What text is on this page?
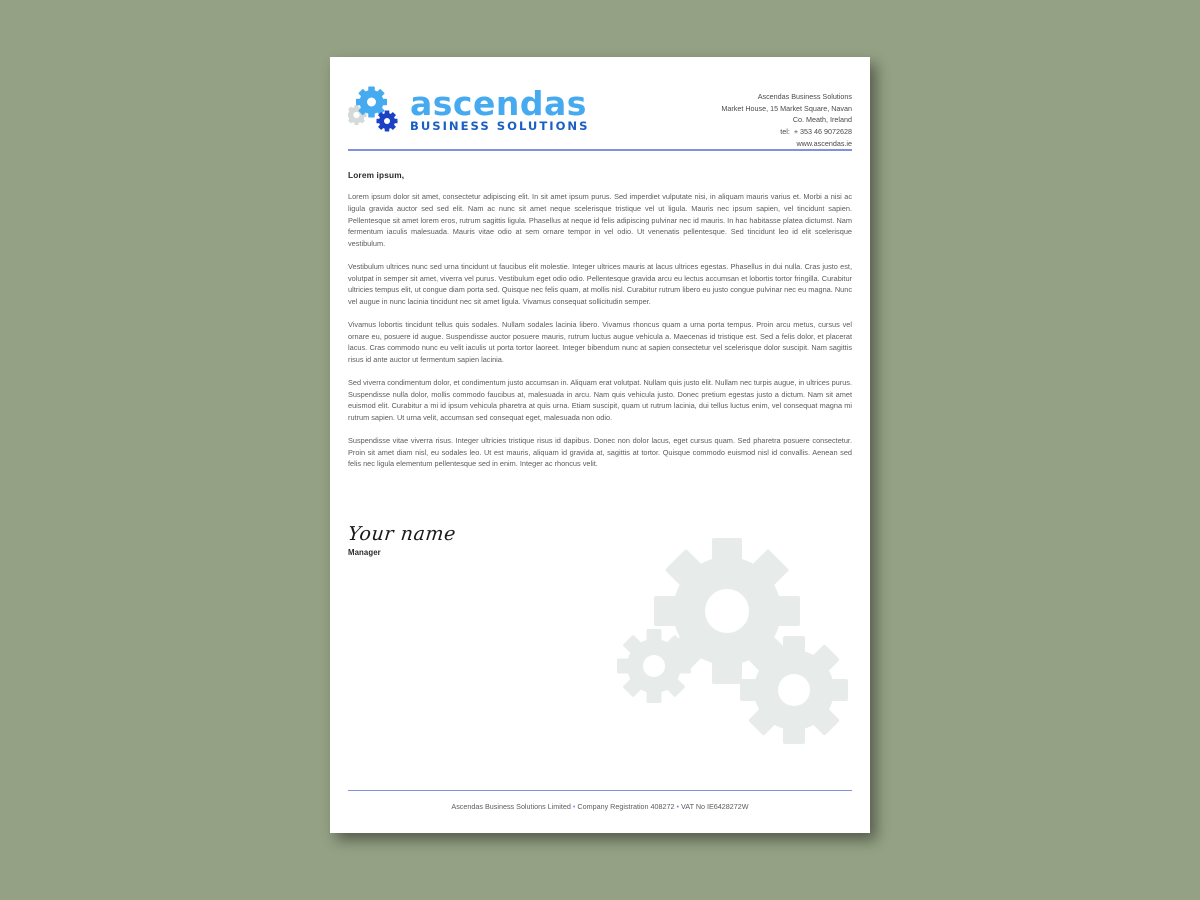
ascendas
BUSINESS SOLUTIONS
Ascendas Business Solutions
Market House, 15 Market Square, Navan
Co. Meath, Ireland
tel:  + 353 46 9072628
www.ascendas.ie

Lorem ipsum,

Lorem ipsum dolor sit amet, consectetur adipiscing elit. In sit amet ipsum purus. Sed imperdiet vulputate nisi, in aliquam mauris varius et. Morbi a nisi ac ligula gravida auctor sed sed elit. Nam ac nunc sit amet neque scelerisque tristique vel ut ligula. Mauris nec ipsum sapien, vel tincidunt sapien. Pellentesque sit amet lorem eros, rutrum sagittis ligula. Phasellus at neque id felis adipiscing pulvinar nec id mauris. In hac habitasse platea dictumst. Nam fermentum iaculis malesuada. Mauris vitae odio at sem ornare tempor in vel odio. Ut venenatis pellentesque. Sed tincidunt leo id elit scelerisque vestibulum.

Vestibulum ultrices nunc sed urna tincidunt ut faucibus elit molestie. Integer ultrices mauris at lacus ultrices egestas. Phasellus in dui nulla. Cras justo est, volutpat in semper sit amet, viverra vel purus. Vestibulum eget odio odio. Pellentesque gravida arcu eu lectus accumsan et lobortis tortor fringilla. Curabitur ultricies tempus elit, ut congue diam porta sed. Quisque nec felis quam, at mollis nisl. Curabitur rutrum libero eu justo congue pulvinar nec eu magna. Nunc vel augue in nunc lacinia tincidunt nec sit amet ligula. Vivamus consequat sollicitudin semper.

Vivamus lobortis tincidunt tellus quis sodales. Nullam sodales lacinia libero. Vivamus rhoncus quam a urna porta tempus. Proin arcu metus, cursus vel ornare eu, posuere id augue. Suspendisse auctor posuere mauris, rutrum luctus augue vehicula a. Maecenas id tristique est. Sed a felis dolor, et placerat lacus. Cras commodo nunc eu velit iaculis ut porta tortor laoreet. Integer bibendum nunc at sapien consectetur vel scelerisque dolor suscipit. Nam sagittis risus id ante auctor ut fermentum sapien lacinia.

Sed viverra condimentum dolor, et condimentum justo accumsan in. Aliquam erat volutpat. Nullam quis justo elit. Nullam nec turpis augue, in ultrices purus. Suspendisse nulla dolor, mollis commodo faucibus at, malesuada in arcu. Nam quis vehicula justo. Donec pretium egestas justo a dictum. Nam sit amet euismod elit. Curabitur a mi id ipsum vehicula pharetra at quis urna. Etiam suscipit, quam ut rutrum lacinia, dui tellus luctus enim, vel consequat magna mi rutrum sapien. Ut urna velit, accumsan sed consequat eget, malesuada non odio.

Suspendisse vitae viverra risus. Integer ultricies tristique risus id dapibus. Donec non dolor lacus, eget cursus quam. Sed pharetra posuere consectetur. Proin sit amet diam nisl, eu sodales leo. Ut est mauris, aliquam id gravida at, sagittis at tortor. Quisque commodo euismod nisl id convallis. Aenean sed felis nec ligula elementum pellentesque sed in enim. Integer ac rhoncus velit.

Your name
Manager
Ascendas Business Solutions Limited • Company Registration 408272 • VAT No IE6428272W
